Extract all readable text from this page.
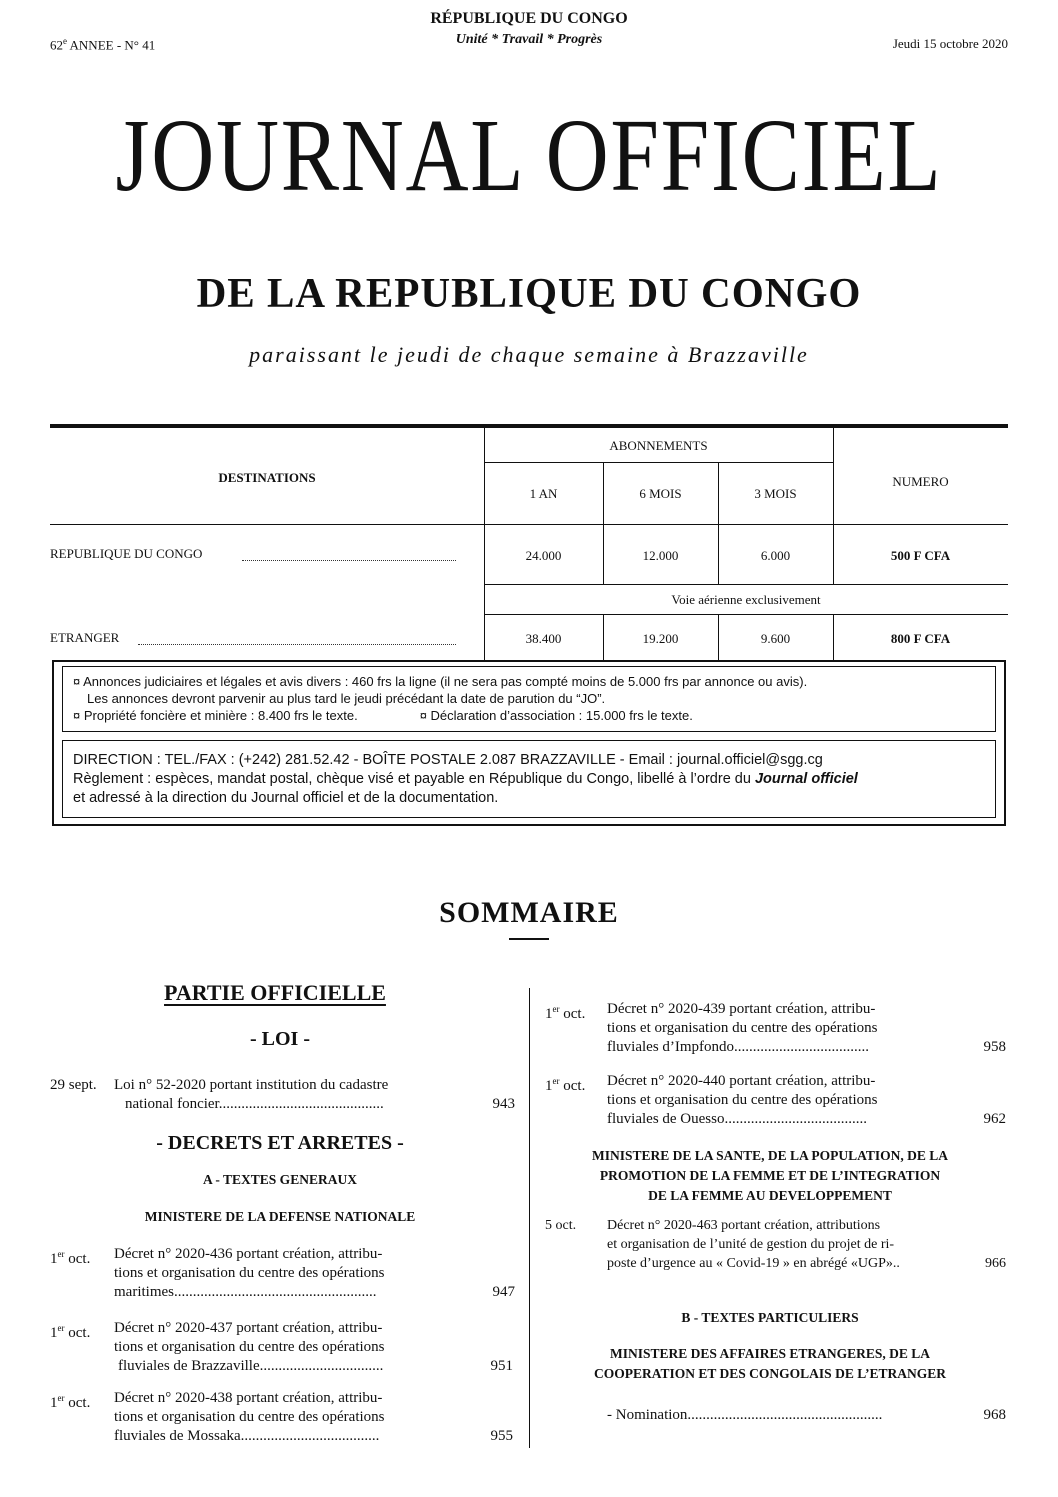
62e ANNEE - N° 41
RÉPUBLIQUE DU CONGO
Unité * Travail * Progrès	Jeudi 15 octobre 2020
JOURNAL OFFICIEL
DE LA REPUBLIQUE DU CONGO
paraissant le jeudi de chaque semaine à Brazzaville
DESTINATIONS
ABONNEMENTS
NUMERO
1 AN	6 MOIS	3 MOIS
REPUBLIQUE DU CONGO	24.000	12.000	6.000	500 F CFA
Voie aérienne exclusivement
ETRANGER	38.400	19.200	9.600	800 F CFA
¤ Annonces judiciaires et légales et avis divers : 460 frs la ligne (il ne sera pas compté moins de 5.000 frs par annonce ou avis).
Les annonces devront parvenir au plus tard le jeudi précédant la date de parution du “JO”.
¤ Propriété foncière et minière : 8.400 frs le texte.	¤ Déclaration d’association : 15.000 frs le texte.
DIRECTION : TEL./FAX : (+242) 281.52.42 - BOÎTE POSTALE 2.087 BRAZZAVILLE - Email : journal.officiel@sgg.cg
Règlement : espèces, mandat postal, chèque visé et payable en République du Congo, libellé à l’ordre du Journal officiel
et adressé à la direction du Journal officiel et de la documentation.
SOMMAIRE
PARTIE OFFICIELLE
- LOI -
29 sept. Loi n° 52-2020 portant institution du cadastre
national foncier............................................	943
- DECRETS ET ARRETES -
A - TEXTES GENERAUX
MINISTERE DE LA DEFENSE NATIONALE
1er oct. Décret n° 2020-436 portant création, attribu-
tions et organisation du centre des opérations
maritimes......................................................	947
1er oct. Décret n° 2020-437 portant création, attribu-
tions et organisation du centre des opérations
fluviales de Brazzaville.................................	951
1er oct. Décret n° 2020-438 portant création, attribu-
tions et organisation du centre des opérations
fluviales de Mossaka.....................................	955
1er oct. Décret n° 2020-439 portant création, attribu-
tions et organisation du centre des opérations
fluviales d’Impfondo....................................	958
1er oct. Décret n° 2020-440 portant création, attribu-
tions et organisation du centre des opérations
fluviales de Ouesso......................................	962
MINISTERE DE LA SANTE, DE LA POPULATION, DE LA
PROMOTION DE LA FEMME ET DE L’INTEGRATION
DE LA FEMME AU DEVELOPPEMENT
5 oct. Décret n° 2020-463 portant création, attributions
et organisation de l’unité de gestion du projet de ri-
poste d’urgence au « Covid-19 » en abrégé «UGP»..	966
B - TEXTES PARTICULIERS
MINISTERE DES AFFAIRES ETRANGERES, DE LA
COOPERATION ET DES CONGOLAIS DE L’ETRANGER
- Nomination....................................................	968
